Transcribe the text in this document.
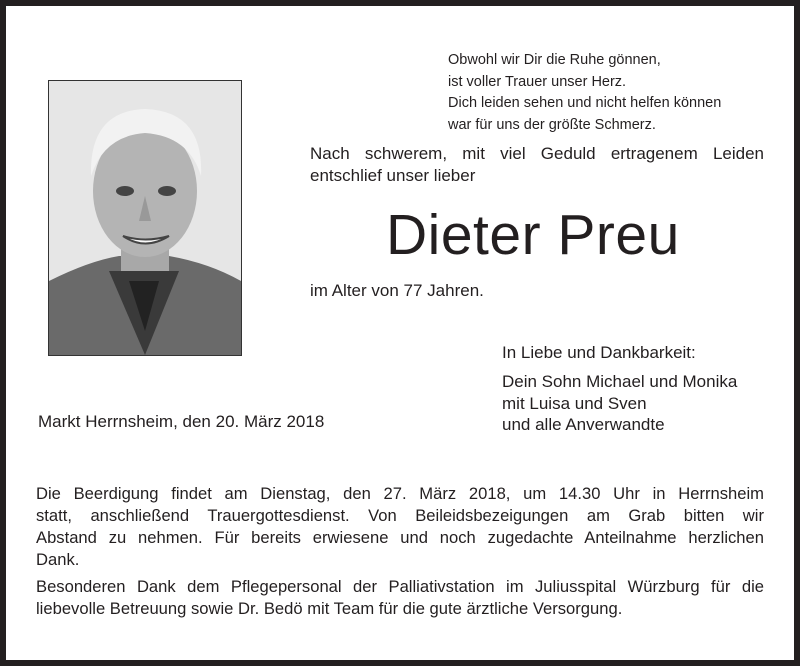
Obwohl wir Dir die Ruhe gönnen,
ist voller Trauer unser Herz.
Dich leiden sehen und nicht helfen können
war für uns der größte Schmerz.
Nach schwerem, mit viel Geduld ertragenem Leiden
entschlief unser lieber
Dieter Preu
im Alter von 77 Jahren.
In Liebe und Dankbarkeit:
Dein Sohn Michael und Monika
mit Luisa und Sven
und alle Anverwandte
Markt Herrnsheim, den 20. März 2018
Die Beerdigung findet am Dienstag, den 27. März 2018, um 14.30 Uhr in Herrnsheim
statt, anschließend Trauergottesdienst. Von Beileidsbezeigungen am Grab bitten wir
Abstand zu nehmen. Für bereits erwiesene und noch zugedachte Anteilnahme herzlichen
Dank.
Besonderen Dank dem Pflegepersonal der Palliativstation im Juliusspital Würzburg für die
liebevolle Betreuung sowie Dr. Bedö mit Team für die gute ärztliche Versorgung.
